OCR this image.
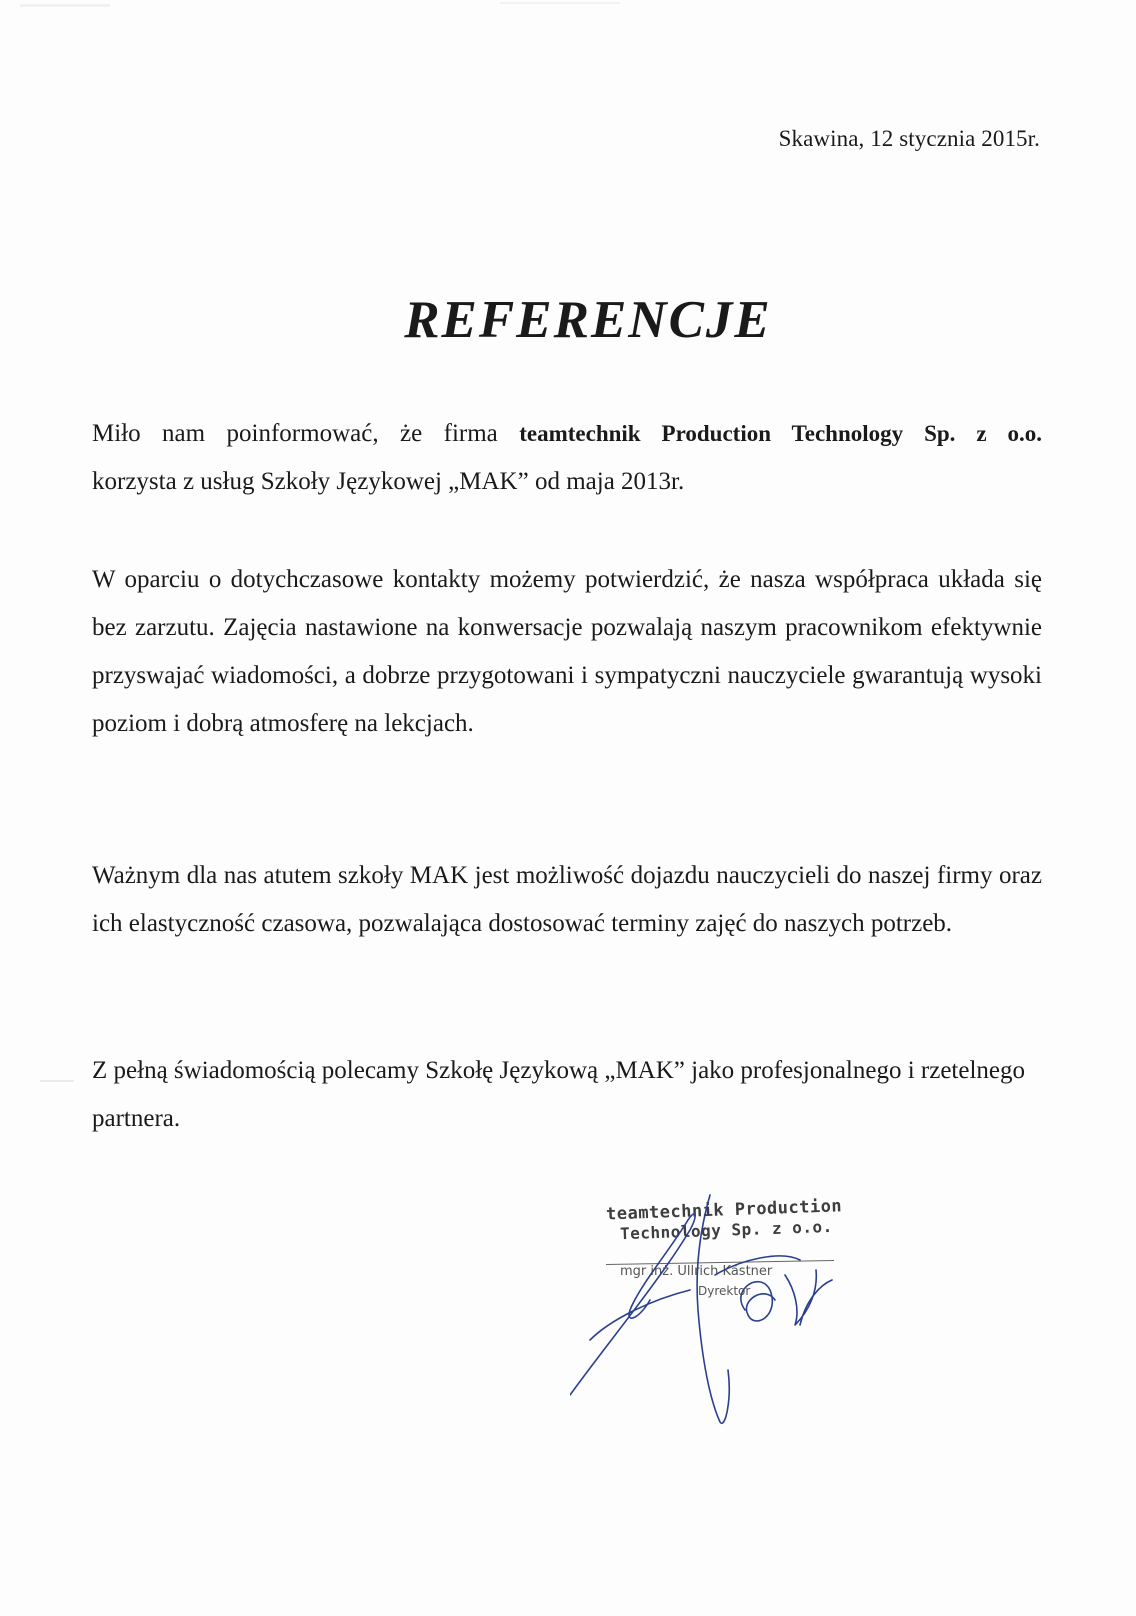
Skawina, 12 stycznia 2015r.
REFERENCJE
Miło nam poinformować, że firma teamtechnik Production Technology Sp. z o.o.
korzysta z usług Szkoły Językowej „MAK” od maja 2013r.
W oparciu o dotychczasowe kontakty możemy potwierdzić, że nasza współpraca układa się bez zarzutu. Zajęcia nastawione na konwersacje pozwalają naszym pracownikom efektywnie przyswajać wiadomości, a dobrze przygotowani i sympatyczni nauczyciele gwarantują wysoki poziom i dobrą atmosferę na lekcjach.
Ważnym dla nas atutem szkoły MAK jest możliwość dojazdu nauczycieli do naszej firmy oraz ich elastyczność czasowa, pozwalająca dostosować terminy zajęć do naszych potrzeb.
Z pełną świadomością polecamy Szkołę Językową „MAK” jako profesjonalnego i rzetelnego partnera.
teamtechnik Production
Technology Sp. z o.o.
mgr inż. Ullrich Kästner
Dyrektor
